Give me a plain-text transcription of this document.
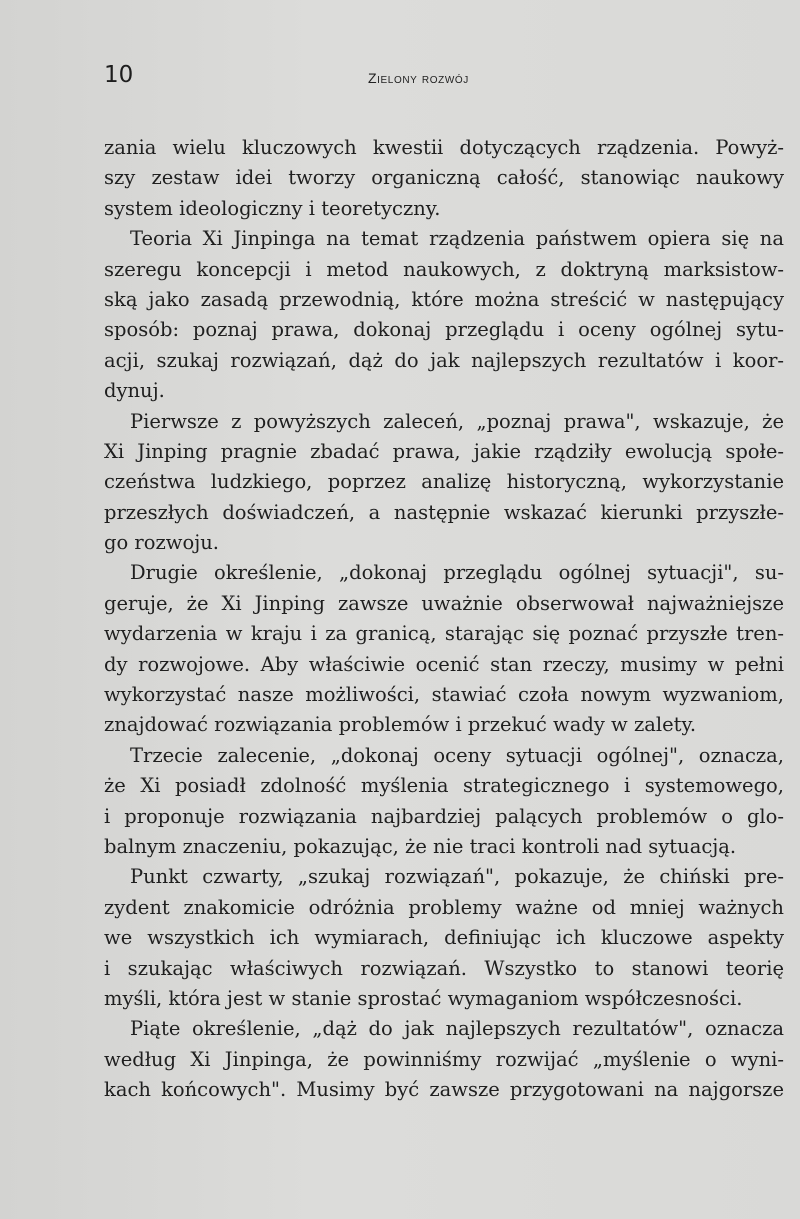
10	Zielony rozwój
zania wielu kluczowych kwestii dotyczących rządzenia. Powyż-
szy zestaw idei tworzy organiczną całość, stanowiąc naukowy
system ideologiczny i teoretyczny.
Teoria Xi Jinpinga na temat rządzenia państwem opiera się na
szeregu koncepcji i metod naukowych, z doktryną marksistow-
ską jako zasadą przewodnią, które można streścić w następujący
sposób: poznaj prawa, dokonaj przeglądu i oceny ogólnej sytu-
acji, szukaj rozwiązań, dąż do jak najlepszych rezultatów i koor-
dynuj.
Pierwsze z powyższych zaleceń, „poznaj prawa", wskazuje, że
Xi Jinping pragnie zbadać prawa, jakie rządziły ewolucją społe-
czeństwa ludzkiego, poprzez analizę historyczną, wykorzystanie
przeszłych doświadczeń, a następnie wskazać kierunki przyszłe-
go rozwoju.
Drugie określenie, „dokonaj przeglądu ogólnej sytuacji", su-
geruje, że Xi Jinping zawsze uważnie obserwował najważniejsze
wydarzenia w kraju i za granicą, starając się poznać przyszłe tren-
dy rozwojowe. Aby właściwie ocenić stan rzeczy, musimy w pełni
wykorzystać nasze możliwości, stawiać czoła nowym wyzwaniom,
znajdować rozwiązania problemów i przekuć wady w zalety.
Trzecie zalecenie, „dokonaj oceny sytuacji ogólnej", oznacza,
że Xi posiadł zdolność myślenia strategicznego i systemowego,
i proponuje rozwiązania najbardziej palących problemów o glo-
balnym znaczeniu, pokazując, że nie traci kontroli nad sytuacją.
Punkt czwarty, „szukaj rozwiązań", pokazuje, że chiński pre-
zydent znakomicie odróżnia problemy ważne od mniej ważnych
we wszystkich ich wymiarach, definiując ich kluczowe aspekty
i szukając właściwych rozwiązań. Wszystko to stanowi teorię
myśli, która jest w stanie sprostać wymaganiom współczesności.
Piąte określenie, „dąż do jak najlepszych rezultatów", oznacza
według Xi Jinpinga, że powinniśmy rozwijać „myślenie o wyni-
kach końcowych". Musimy być zawsze przygotowani na najgorsze
